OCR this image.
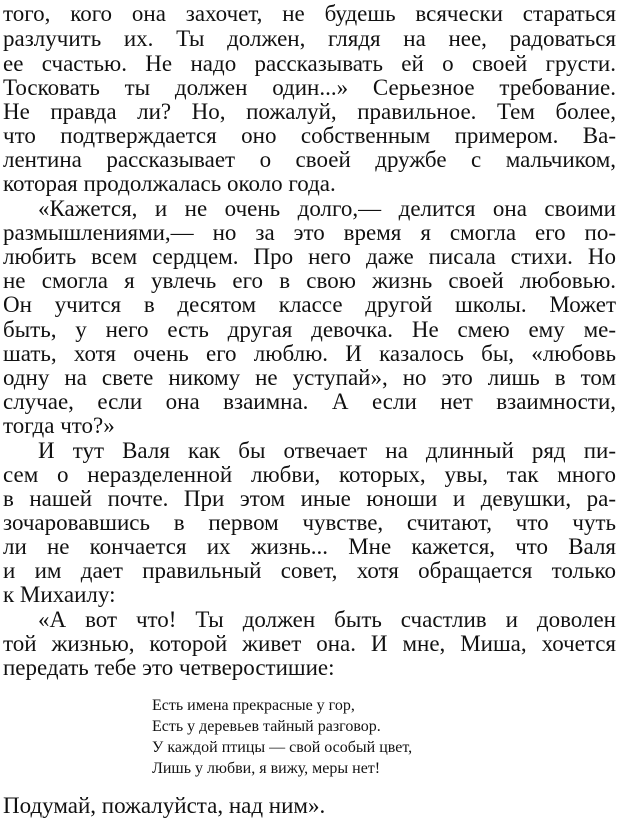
того, кого она захочет, не будешь всячески стараться
разлучить их. Ты должен, глядя на нее, радоваться
ее счастью. Не надо рассказывать ей о своей грусти.
Тосковать ты должен один...» Серьезное требование.
Не правда ли? Но, пожалуй, правильное. Тем более,
что подтверждается оно собственным примером. Ва-
лентина рассказывает о своей дружбе с мальчиком,
которая продолжалась около года.
«Кажется, и не очень долго,— делится она своими
размышлениями,— но за это время я смогла его по-
любить всем сердцем. Про него даже писала стихи. Но
не смогла я увлечь его в свою жизнь своей любовью.
Он учится в десятом классе другой школы. Может
быть, у него есть другая девочка. Не смею ему ме-
шать, хотя очень его люблю. И казалось бы, «любовь
одну на свете никому не уступай», но это лишь в том
случае, если она взаимна. А если нет взаимности,
тогда что?»
И тут Валя как бы отвечает на длинный ряд пи-
сем о неразделенной любви, которых, увы, так много
в нашей почте. При этом иные юноши и девушки, ра-
зочаровавшись в первом чувстве, считают, что чуть
ли не кончается их жизнь... Мне кажется, что Валя
и им дает правильный совет, хотя обращается только
к Михаилу:
«А вот что! Ты должен быть счастлив и доволен
той жизнью, которой живет она. И мне, Миша, хочется
передать тебе это четверостишие:
Есть имена прекрасные у гор,
Есть у деревьев тайный разговор.
У каждой птицы — свой особый цвет,
Лишь у любви, я вижу, меры нет!
Подумай, пожалуйста, над ним».
